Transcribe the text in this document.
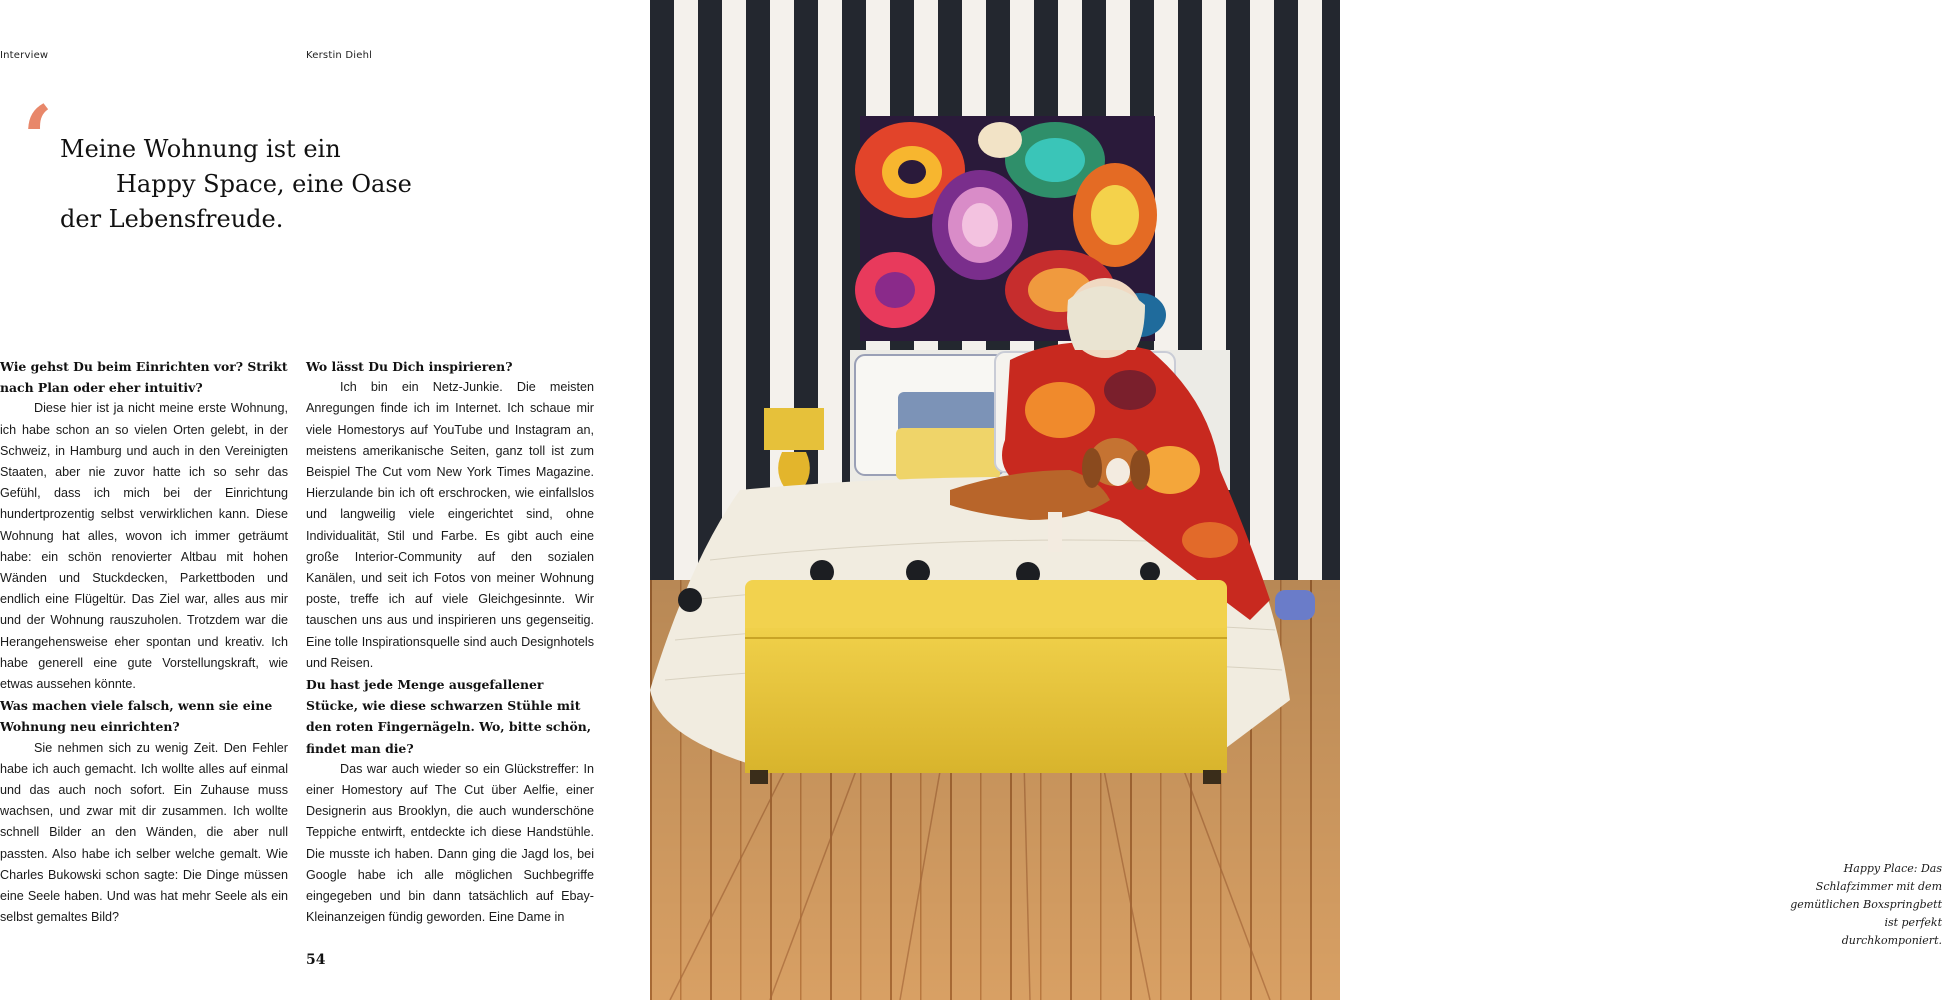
Interview	Kerstin Diehl
‘ Meine Wohnung ist ein
Happy Space, eine Oase
der Lebensfreude.

Wie gehst Du beim Einrichten vor? Strikt nach Plan oder eher intuitiv?

Diese hier ist ja nicht meine erste Wohnung, ich habe schon an so vielen Orten gelebt, in der Schweiz, in Hamburg und auch in den Vereinigten Staaten, aber nie zuvor hatte ich so sehr das Gefühl, dass ich mich bei der Einrichtung hundertprozentig selbst verwirklichen kann. Diese Wohnung hat alles, wovon ich immer geträumt habe: ein schön renovierter Altbau mit hohen Wänden und Stuckdecken, Parkettboden und endlich eine Flügeltür. Das Ziel war, alles aus mir und der Wohnung rauszuholen. Trotzdem war die Herangehensweise eher spontan und kreativ. Ich habe generell eine gute Vorstellungskraft, wie etwas aussehen könnte.

Was machen viele falsch, wenn sie eine Wohnung neu einrichten?

Sie nehmen sich zu wenig Zeit. Den Fehler habe ich auch gemacht. Ich wollte alles auf einmal und das auch noch sofort. Ein Zuhause muss wachsen, und zwar mit dir zusammen. Ich wollte schnell Bilder an den Wänden, die aber null passten. Also habe ich selber welche gemalt. Wie Charles Bukowski schon sagte: Die Dinge müssen eine Seele haben. Und was hat mehr Seele als ein selbst gemaltes Bild?

Wo lässt Du Dich inspirieren?

Ich bin ein Netz-Junkie. Die meisten Anregungen finde ich im Internet. Ich schaue mir viele Homestorys auf YouTube und Instagram an, meistens amerikanische Seiten, ganz toll ist zum Beispiel The Cut vom New York Times Magazine. Hierzulande bin ich oft erschrocken, wie einfallslos und langweilig viele eingerichtet sind, ohne Individualität, Stil und Farbe. Es gibt auch eine große Interior-Community auf den sozialen Kanälen, und seit ich Fotos von meiner Wohnung poste, treffe ich auf viele Gleichgesinnte. Wir tauschen uns aus und inspirieren uns gegenseitig. Eine tolle Inspirationsquelle sind auch Designhotels und Reisen.

Du hast jede Menge ausgefallener Stücke, wie diese schwarzen Stühle mit den roten Fingernägeln. Wo, bitte schön, findet man die?

Das war auch wieder so ein Glückstreffer: In einer Homestory auf The Cut über Aelfie, einer Designerin aus Brooklyn, die auch wunderschöne Teppiche entwirft, entdeckte ich diese Handstühle. Die musste ich haben. Dann ging die Jagd los, bei Google habe ich alle möglichen Suchbegriffe eingegeben und bin dann tatsächlich auf Ebay-Kleinanzeigen fündig geworden. Eine Dame in

54
Happy Place: Das Schlafzimmer mit dem gemütlichen Boxspringbett ist perfekt durchkomponiert.
